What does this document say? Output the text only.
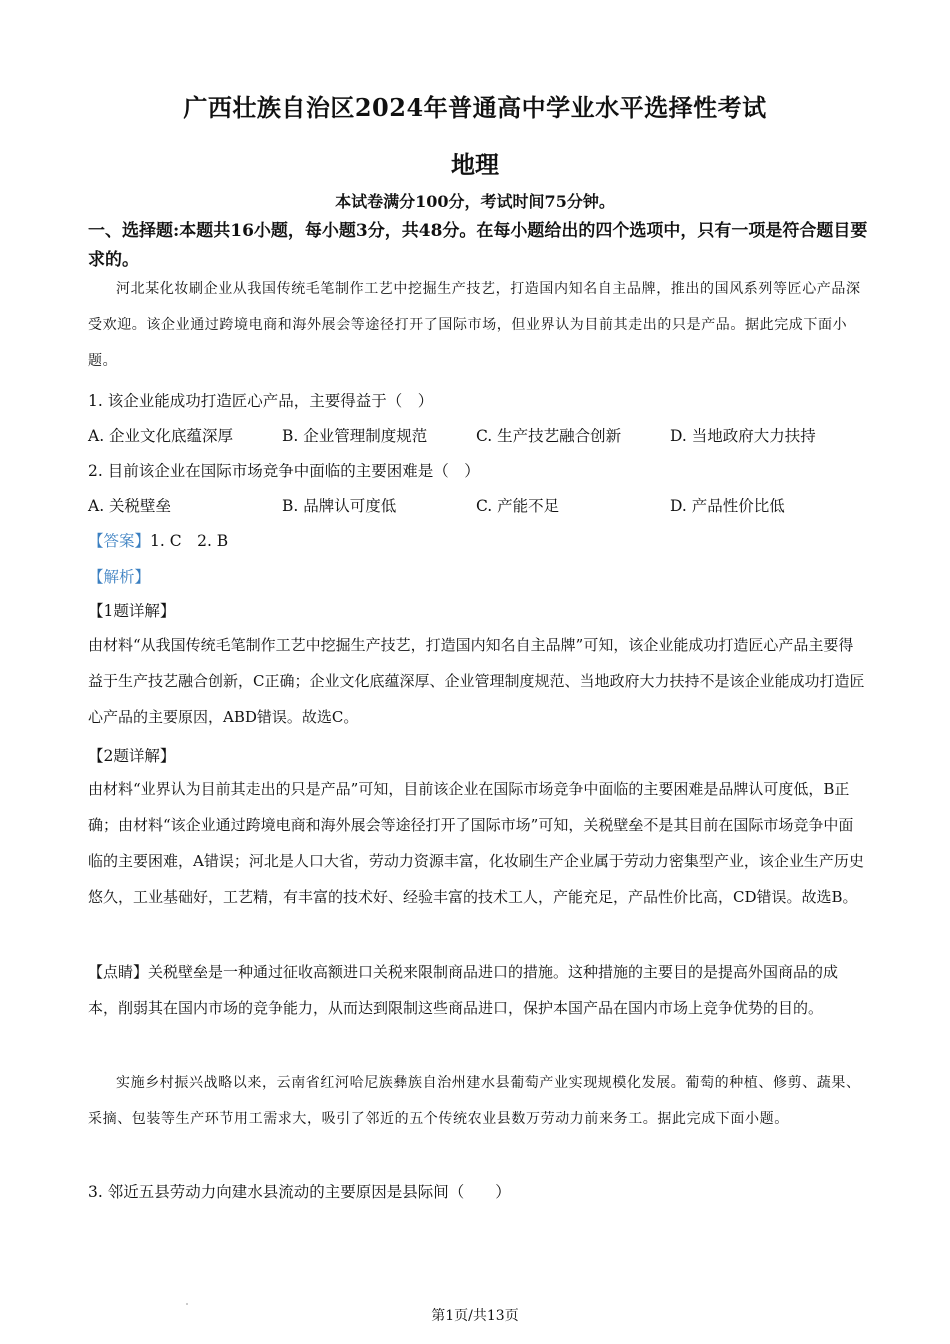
广西壮族自治区2024年普通高中学业水平选择性考试
地理
本试卷满分100分，考试时间75分钟。
一、选择题:本题共16小题，每小题3分，共48分。在每小题给出的四个选项中，只有一项是符合题目要求的。
河北某化妆刷企业从我国传统毛笔制作工艺中挖掘生产技艺，打造国内知名自主品牌，推出的国风系列等匠心产品深受欢迎。该企业通过跨境电商和海外展会等途径打开了国际市场，但业界认为目前其走出的只是产品。据此完成下面小题。
1. 该企业能成功打造匠心产品，主要得益于（　）
A. 企业文化底蕴深厚	B. 企业管理制度规范	C. 生产技艺融合创新	D. 当地政府大力扶持
2. 目前该企业在国际市场竞争中面临的主要困难是（　）
A. 关税壁垒	B. 品牌认可度低	C. 产能不足	D. 产品性价比低
【答案】1. C　2. B
【解析】
【1题详解】
由材料“从我国传统毛笔制作工艺中挖掘生产技艺，打造国内知名自主品牌”可知，该企业能成功打造匠心产品主要得益于生产技艺融合创新，C正确；企业文化底蕴深厚、企业管理制度规范、当地政府大力扶持不是该企业能成功打造匠心产品的主要原因，ABD错误。故选C。
【2题详解】
由材料“业界认为目前其走出的只是产品”可知，目前该企业在国际市场竞争中面临的主要困难是品牌认可度低，B正确；由材料“该企业通过跨境电商和海外展会等途径打开了国际市场”可知，关税壁垒不是其目前在国际市场竞争中面临的主要困难，A错误；河北是人口大省，劳动力资源丰富，化妆刷生产企业属于劳动力密集型产业，该企业生产历史悠久，工业基础好，工艺精，有丰富的技术好、经验丰富的技术工人，产能充足，产品性价比高，CD错误。故选B。
【点睛】关税壁垒是一种通过征收高额进口关税来限制商品进口的措施。这种措施的主要目的是提高外国商品的成本，削弱其在国内市场的竞争能力，从而达到限制这些商品进口，保护本国产品在国内市场上竞争优势的目的。
实施乡村振兴战略以来，云南省红河哈尼族彝族自治州建水县葡萄产业实现规模化发展。葡萄的种植、修剪、蔬果、采摘、包装等生产环节用工需求大，吸引了邻近的五个传统农业县数万劳动力前来务工。据此完成下面小题。
3. 邻近五县劳动力向建水县流动的主要原因是县际间（　　）
第1页/共13页
